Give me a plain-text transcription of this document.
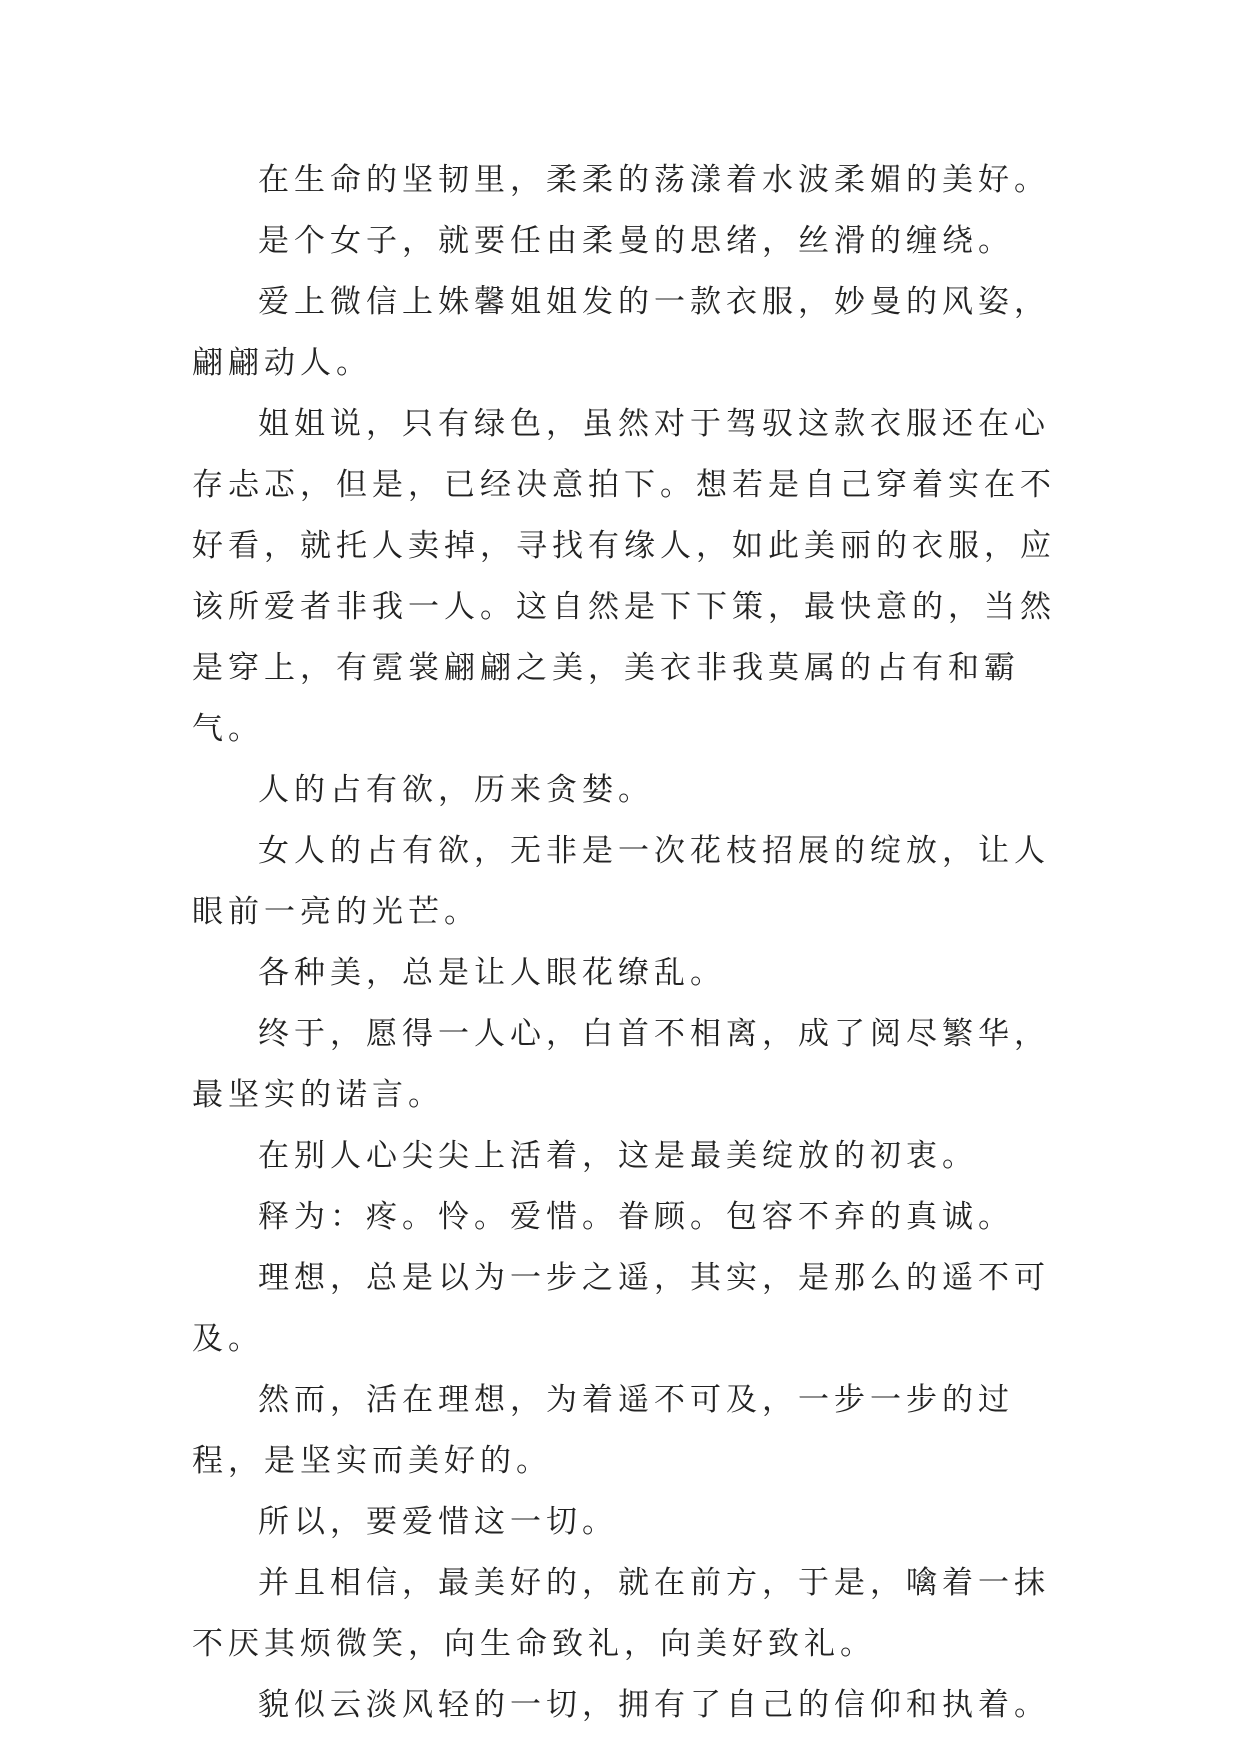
在生命的坚韧里，柔柔的荡漾着水波柔媚的美好。

是个女子，就要任由柔曼的思绪，丝滑的缠绕。

爱上微信上姝馨姐姐发的一款衣服，妙曼的风姿，翩翩动人。

姐姐说，只有绿色，虽然对于驾驭这款衣服还在心存忐忑，但是，已经决意拍下。想若是自己穿着实在不好看，就托人卖掉，寻找有缘人，如此美丽的衣服，应该所爱者非我一人。这自然是下下策，最快意的，当然是穿上，有霓裳翩翩之美，美衣非我莫属的占有和霸气。

人的占有欲，历来贪婪。

女人的占有欲，无非是一次花枝招展的绽放，让人眼前一亮的光芒。

各种美，总是让人眼花缭乱。

终于，愿得一人心，白首不相离，成了阅尽繁华，最坚实的诺言。

在别人心尖尖上活着，这是最美绽放的初衷。

释为：疼。怜。爱惜。眷顾。包容不弃的真诚。

理想，总是以为一步之遥，其实，是那么的遥不可及。

然而，活在理想，为着遥不可及，一步一步的过程，是坚实而美好的。

所以，要爱惜这一切。

并且相信，最美好的，就在前方，于是，噙着一抹不厌其烦微笑，向生命致礼，向美好致礼。

貌似云淡风轻的一切，拥有了自己的信仰和执着。
